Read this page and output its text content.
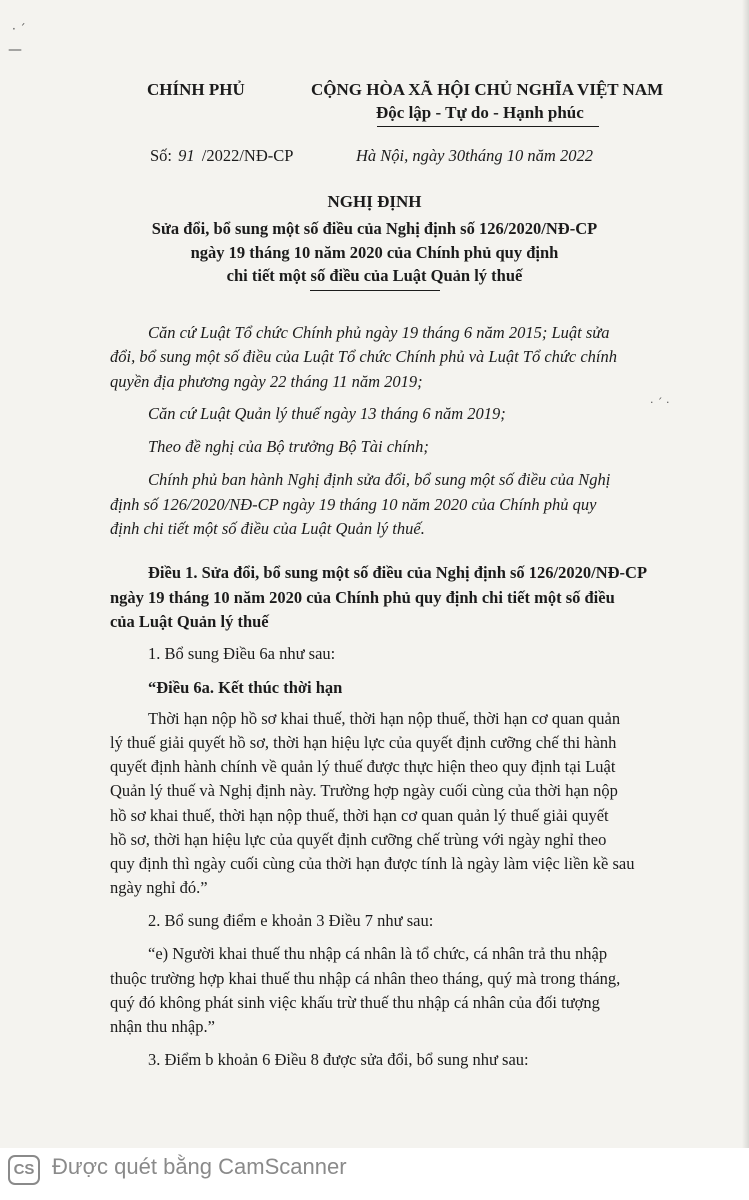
· ˊ
—
· ˊ ·
CHÍNH PHỦ	CỘNG HÒA XÃ HỘI CHỦ NGHĨA VIỆT NAM
Độc lập - Tự do - Hạnh phúc
Số: 91 /2022/NĐ-CP	Hà Nội, ngày 30tháng 10 năm 2022
NGHỊ ĐỊNH
Sửa đổi, bổ sung một số điều của Nghị định số 126/2020/NĐ-CP
ngày 19 tháng 10 năm 2020 của Chính phủ quy định
chi tiết một số điều của Luật Quản lý thuế
Căn cứ Luật Tổ chức Chính phủ ngày 19 tháng 6 năm 2015; Luật sửa
đổi, bổ sung một số điều của Luật Tổ chức Chính phủ và Luật Tổ chức chính
quyền địa phương ngày 22 tháng 11 năm 2019;
Căn cứ Luật Quản lý thuế ngày 13 tháng 6 năm 2019;
Theo đề nghị của Bộ trưởng Bộ Tài chính;
Chính phủ ban hành Nghị định sửa đổi, bổ sung một số điều của Nghị
định số 126/2020/NĐ-CP ngày 19 tháng 10 năm 2020 của Chính phủ quy
định chi tiết một số điều của Luật Quản lý thuế.
Điều 1. Sửa đổi, bổ sung một số điều của Nghị định số 126/2020/NĐ-CP
ngày 19 tháng 10 năm 2020 của Chính phủ quy định chi tiết một số điều
của Luật Quản lý thuế
1. Bổ sung Điều 6a như sau:
“Điều 6a. Kết thúc thời hạn
Thời hạn nộp hồ sơ khai thuế, thời hạn nộp thuế, thời hạn cơ quan quản
lý thuế giải quyết hồ sơ, thời hạn hiệu lực của quyết định cưỡng chế thi hành
quyết định hành chính về quản lý thuế được thực hiện theo quy định tại Luật
Quản lý thuế và Nghị định này. Trường hợp ngày cuối cùng của thời hạn nộp
hồ sơ khai thuế, thời hạn nộp thuế, thời hạn cơ quan quản lý thuế giải quyết
hồ sơ, thời hạn hiệu lực của quyết định cưỡng chế trùng với ngày nghỉ theo
quy định thì ngày cuối cùng của thời hạn được tính là ngày làm việc liền kề sau
ngày nghỉ đó.”
2. Bổ sung điểm e khoản 3 Điều 7 như sau:
“e) Người khai thuế thu nhập cá nhân là tổ chức, cá nhân trả thu nhập
thuộc trường hợp khai thuế thu nhập cá nhân theo tháng, quý mà trong tháng,
quý đó không phát sinh việc khấu trừ thuế thu nhập cá nhân của đối tượng
nhận thu nhập.”
3. Điểm b khoản 6 Điều 8 được sửa đổi, bổ sung như sau:
CS Được quét bằng CamScanner
